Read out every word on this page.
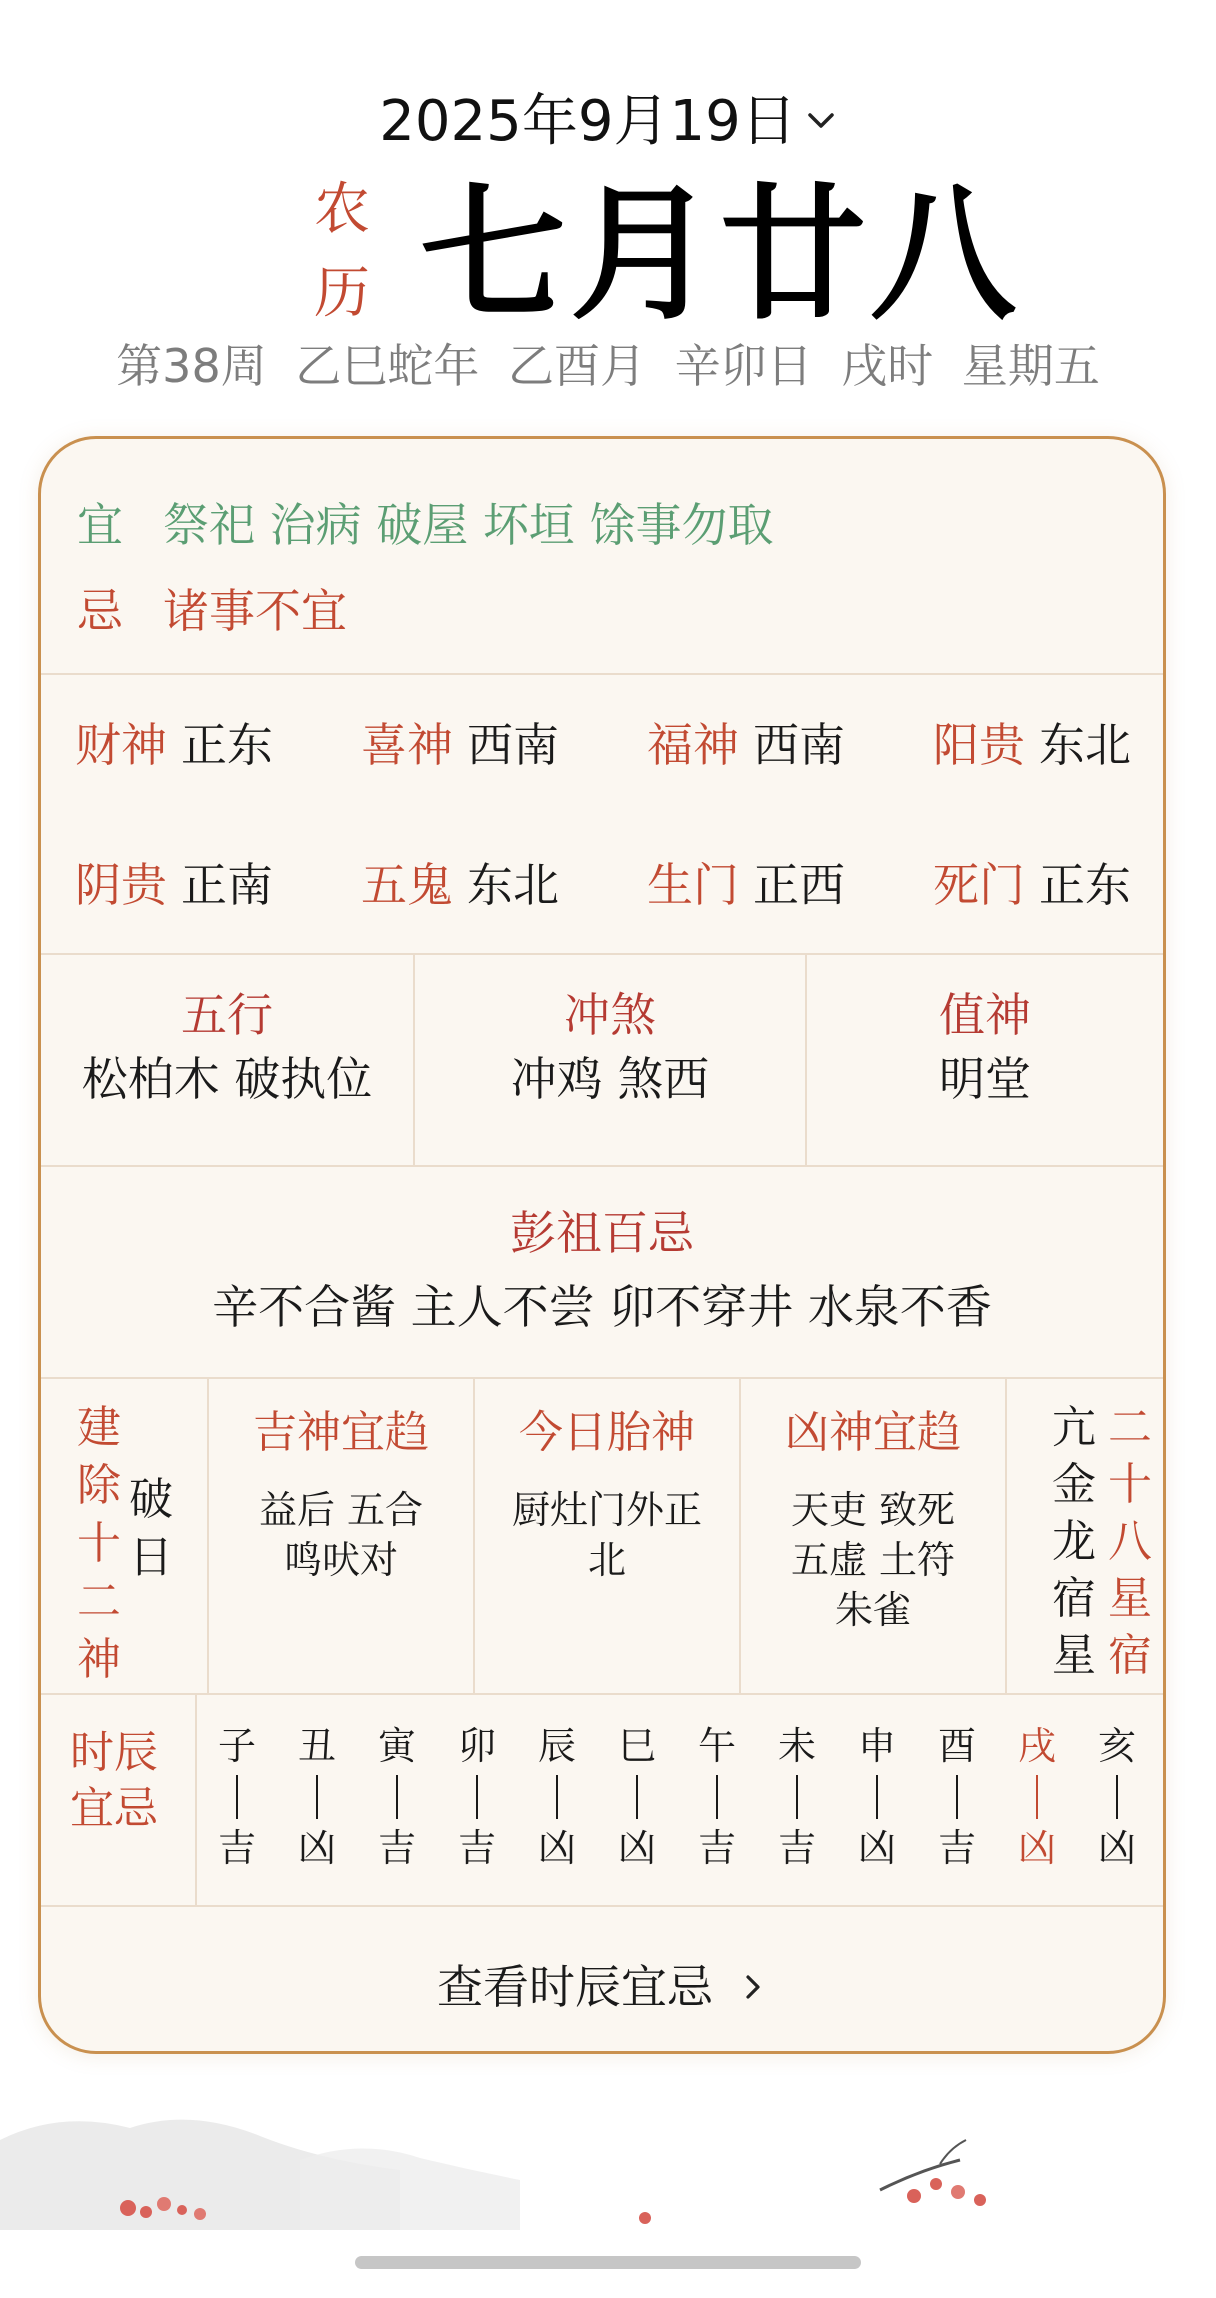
2025年9月19日
农
历 七月廿八
第38周 乙巳蛇年 乙酉月 辛卯日 戌时 星期五
宜 祭祀 治病 破屋 坏垣 馀事勿取
忌 诸事不宜
财神 正东 喜神 西南 福神 西南 阳贵 东北
阴贵 正南 五鬼 东北 生门 正西 死门 正东
五行
松柏木 破执位
冲煞
冲鸡 煞西
值神
明堂
彭祖百忌
辛不合酱 主人不尝 卯不穿井 水泉不香
建
除
十
二
神
破
日
吉神宜趋
益后 五合
鸣吠对
今日胎神
厨灶门外正
北
凶神宜趋
天吏 致死
五虚 土符
朱雀
亢
金
龙
宿
星
二
十
八
星
宿
时辰
宜忌
子
吉
丑
凶
寅
吉
卯
吉
辰
凶
巳
凶
午
吉
未
吉
申
凶
酉
吉
戌
凶
亥
凶
查看时辰宜忌
